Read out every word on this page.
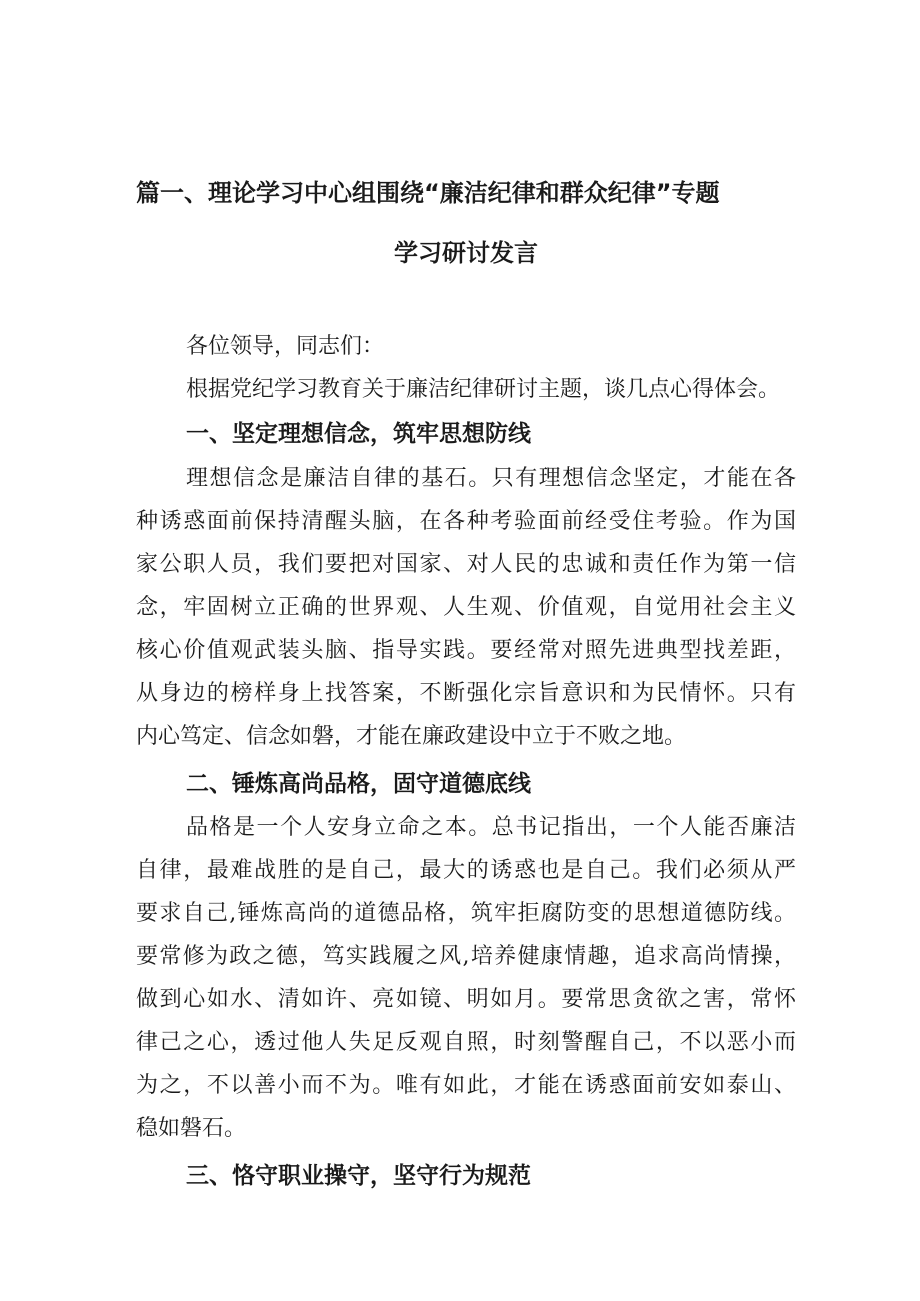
篇一、理论学习中心组围绕“廉洁纪律和群众纪律”专题
学习研讨发言
各位领导，同志们：
根据党纪学习教育关于廉洁纪律研讨主题，谈几点心得体会。
一、坚定理想信念，筑牢思想防线
理想信念是廉洁自律的基石。只有理想信念坚定，才能在各
种诱惑面前保持清醒头脑，在各种考验面前经受住考验。作为国
家公职人员，我们要把对国家、对人民的忠诚和责任作为第一信
念，牢固树立正确的世界观、人生观、价值观，自觉用社会主义
核心价值观武装头脑、指导实践。要经常对照先进典型找差距，
从身边的榜样身上找答案，不断强化宗旨意识和为民情怀。只有
内心笃定、信念如磐，才能在廉政建设中立于不败之地。
二、锤炼高尚品格，固守道德底线
品格是一个人安身立命之本。总书记指出，一个人能否廉洁
自律，最难战胜的是自己，最大的诱惑也是自己。我们必须从严
要求自己,锤炼高尚的道德品格，筑牢拒腐防变的思想道德防线。
要常修为政之德，笃实践履之风,培养健康情趣，追求高尚情操，
做到心如水、清如许、亮如镜、明如月。要常思贪欲之害，常怀
律己之心，透过他人失足反观自照，时刻警醒自己，不以恶小而
为之，不以善小而不为。唯有如此，才能在诱惑面前安如泰山、
稳如磐石。
三、恪守职业操守，坚守行为规范
